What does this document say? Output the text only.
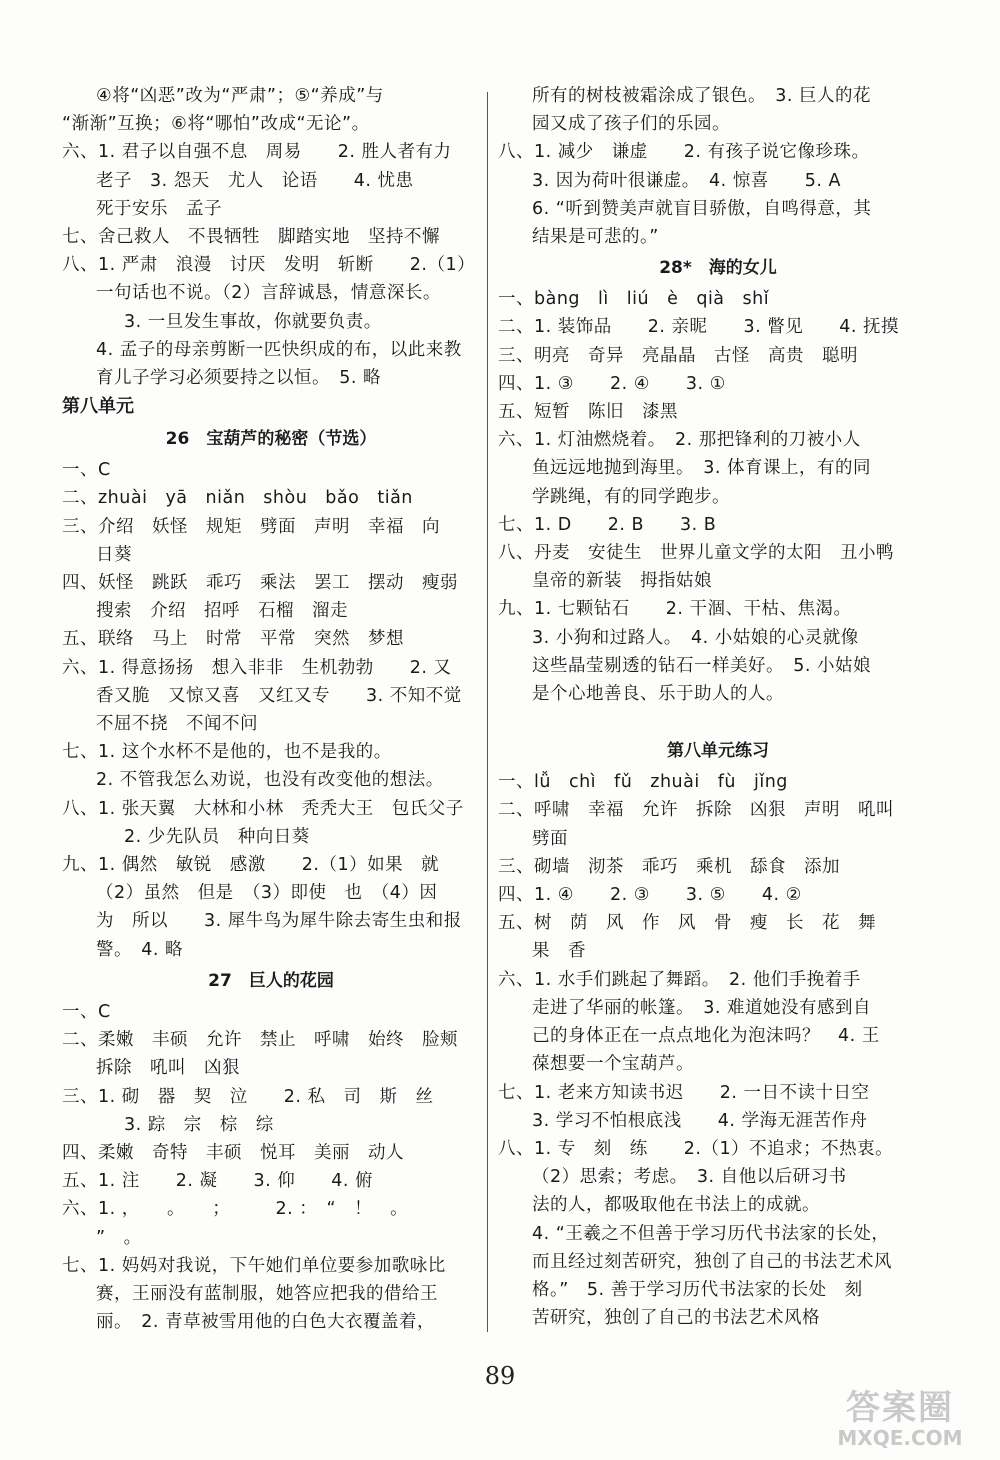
④将“凶恶”改为“严肃”；⑤“养成”与
“渐渐”互换；⑥将“哪怕”改成“无论”。
六、1. 君子以自强不息　周易　　2. 胜人者有力
老子　3. 怨天　尤人　论语　　4. 忧患
死于安乐　孟子
七、舍己救人　不畏牺牲　脚踏实地　坚持不懈
八、1. 严肃　浪漫　讨厌　发明　斩断　　2.（1）
一句话也不说。（2）言辞诚恳，情意深长。
3. 一旦发生事故，你就要负责。
4. 孟子的母亲剪断一匹快织成的布，以此来教
育儿子学习必须要持之以恒。　5. 略
第八单元
26　宝葫芦的秘密（节选）
一、C
二、zhuài　yā　niǎn　shòu　bǎo　tiǎn
三、介绍　妖怪　规矩　劈面　声明　幸福　向
日葵
四、妖怪　跳跃　乖巧　乘法　罢工　摆动　瘦弱
搜索　介绍　招呼　石榴　溜走
五、联络　马上　时常　平常　突然　梦想
六、1. 得意扬扬　想入非非　生机勃勃　　2. 又
香又脆　又惊又喜　又红又专　　3. 不知不觉
不屈不挠　不闻不问
七、1. 这个水杯不是他的，也不是我的。
2. 不管我怎么劝说，也没有改变他的想法。
八、1. 张天翼　大林和小林　秃秃大王　包氏父子
2. 少先队员　种向日葵
九、1. 偶然　敏锐　感激　　2.（1）如果　就
（2）虽然　但是　（3）即使　也　（4）因
为　所以　　3. 犀牛鸟为犀牛除去寄生虫和报
警。　4. 略
27　巨人的花园
一、C
二、柔嫩　丰硕　允许　禁止　呼啸　始终　脸颊
拆除　吼叫　凶狠
三、1. 砌　器　契　泣　　2. 私　司　斯　丝
3. 踪　宗　棕　综
四、柔嫩　奇特　丰硕　悦耳　美丽　动人
五、1. 注　　2. 凝　　3. 仰　　4. 俯
六、1. ，　　。　　；　　　2. ：　“　！　。
”　。
七、1. 妈妈对我说，下午她们单位要参加歌咏比
赛，王丽没有蓝制服，她答应把我的借给王
丽。　2. 青草被雪用他的白色大衣覆盖着，
所有的树枝被霜涂成了银色。　3. 巨人的花
园又成了孩子们的乐园。
八、1. 减少　谦虚　　2. 有孩子说它像珍珠。
3. 因为荷叶很谦虚。　4. 惊喜　　5. A
6. “听到赞美声就盲目骄傲，自鸣得意，其
结果是可悲的。”
28*　海的女儿
一、bàng　lì　liú　è　qià　shǐ
二、1. 装饰品　　2. 亲昵　　3. 瞥见　　4. 抚摸
三、明亮　奇异　亮晶晶　古怪　高贵　聪明
四、1. ③　　2. ④　　3. ①
五、短暂　陈旧　漆黑
六、1. 灯油燃烧着。　2. 那把锋利的刀被小人
鱼远远地抛到海里。　3. 体育课上，有的同
学跳绳，有的同学跑步。
七、1. D　　2. B　　3. B
八、丹麦　安徒生　世界儿童文学的太阳　丑小鸭
皇帝的新装　拇指姑娘
九、1. 七颗钻石　　2. 干涸、干枯、焦渴。
3. 小狗和过路人。　4. 小姑娘的心灵就像
这些晶莹剔透的钻石一样美好。　5. 小姑娘
是个心地善良、乐于助人的人。
第八单元练习
一、lǚ　chì　fǔ　zhuài　fù　jǐng
二、呼啸　幸福　允许　拆除　凶狠　声明　吼叫
劈面
三、砌墙　沏茶　乖巧　乘机　舔食　添加
四、1. ④　　2. ③　　3. ⑤　　4. ②
五、树　荫　风　作　风　骨　瘦　长　花　舞
果　香
六、1. 水手们跳起了舞蹈。　2. 他们手挽着手
走进了华丽的帐篷。　3. 难道她没有感到自
己的身体正在一点点地化为泡沫吗？　4. 王
葆想要一个宝葫芦。
七、1. 老来方知读书迟　　2. 一日不读十日空
3. 学习不怕根底浅　　4. 学海无涯苦作舟
八、1. 专　刻　练　　2.（1）不追求；不热衷。
（2）思索；考虑。　3. 自他以后研习书
法的人，都吸取他在书法上的成就。
4. “王羲之不但善于学习历代书法家的长处，
而且经过刻苦研究，独创了自己的书法艺术风
格。”　5. 善于学习历代书法家的长处　刻
苦研究，独创了自己的书法艺术风格
89
答案圈
MXQE.COM
